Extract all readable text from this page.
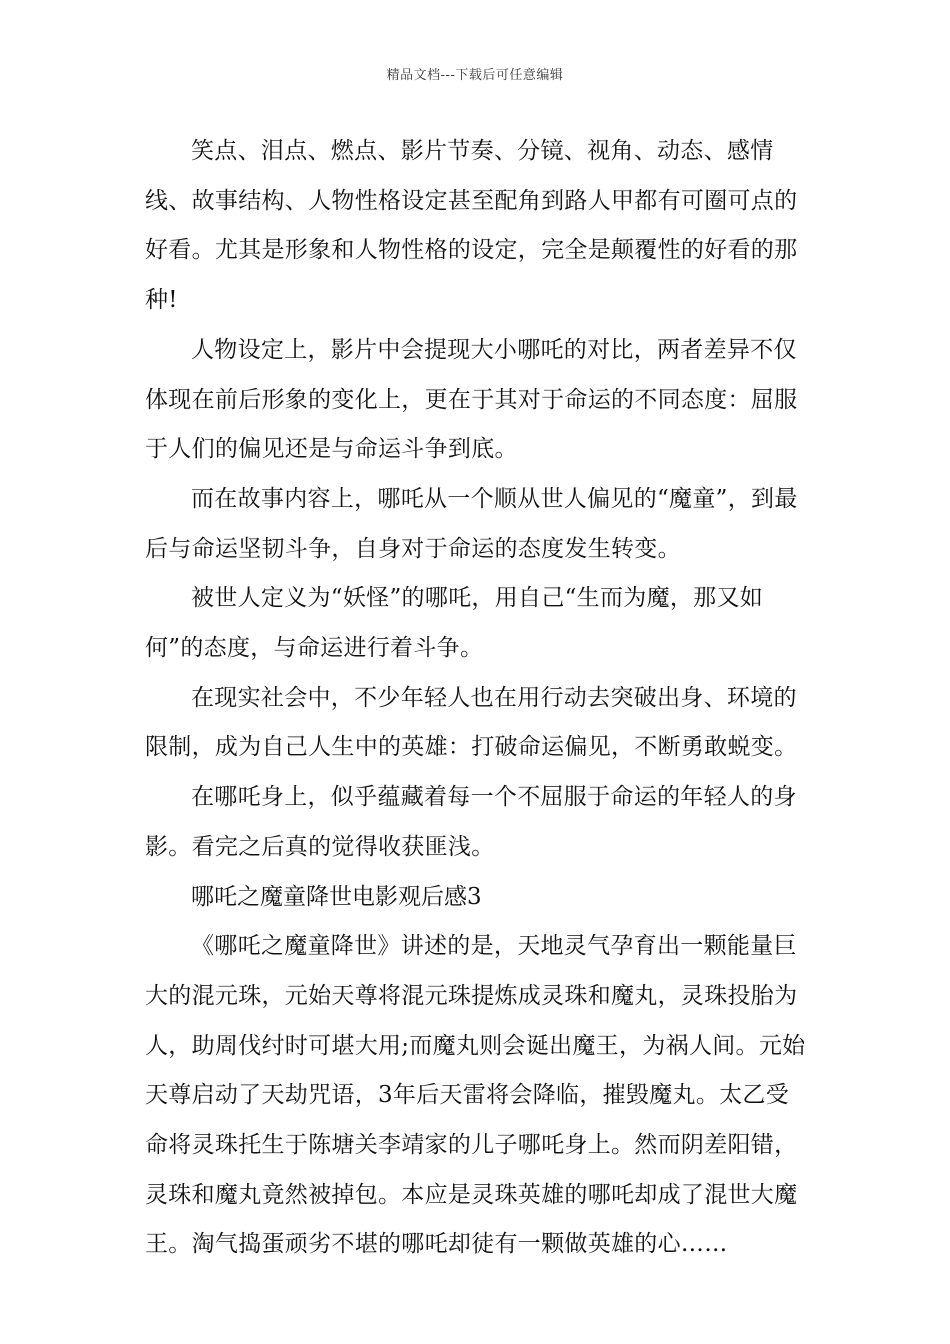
精品文档---下载后可任意编辑

笑点、泪点、燃点、影片节奏、分镜、视角、动态、感情线、故事结构、人物性格设定甚至配角到路人甲都有可圈可点的好看。尤其是形象和人物性格的设定，完全是颠覆性的好看的那种!

人物设定上，影片中会提现大小哪吒的对比，两者差异不仅体现在前后形象的变化上，更在于其对于命运的不同态度：屈服于人们的偏见还是与命运斗争到底。

而在故事内容上，哪吒从一个顺从世人偏见的“魔童”，到最后与命运坚韧斗争，自身对于命运的态度发生转变。

被世人定义为“妖怪”的哪吒，用自己“生而为魔，那又如何”的态度，与命运进行着斗争。

在现实社会中，不少年轻人也在用行动去突破出身、环境的限制，成为自己人生中的英雄：打破命运偏见，不断勇敢蜕变。

在哪吒身上，似乎蕴藏着每一个不屈服于命运的年轻人的身影。看完之后真的觉得收获匪浅。

哪吒之魔童降世电影观后感3

《哪吒之魔童降世》讲述的是，天地灵气孕育出一颗能量巨大的混元珠，元始天尊将混元珠提炼成灵珠和魔丸，灵珠投胎为人，助周伐纣时可堪大用;而魔丸则会诞出魔王，为祸人间。元始天尊启动了天劫咒语，3年后天雷将会降临，摧毁魔丸。太乙受命将灵珠托生于陈塘关李靖家的儿子哪吒身上。然而阴差阳错，灵珠和魔丸竟然被掉包。本应是灵珠英雄的哪吒却成了混世大魔王。淘气捣蛋顽劣不堪的哪吒却徒有一颗做英雄的心……
